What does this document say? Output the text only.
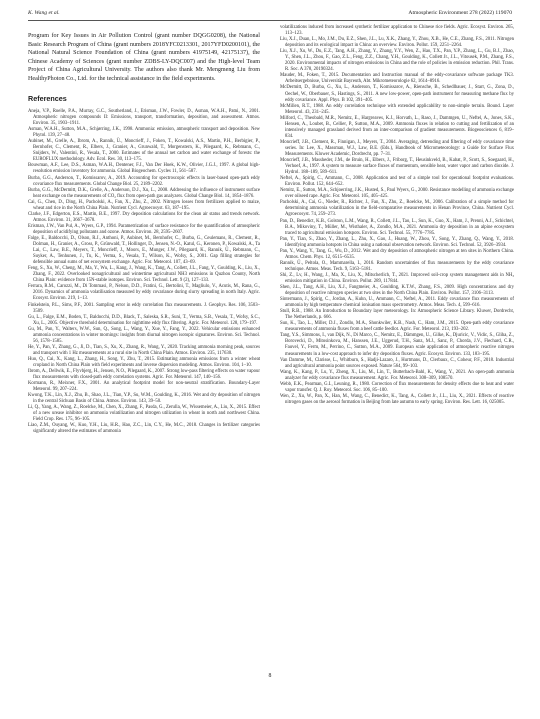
K. Wang et al.	Atmospheric Environment 278 (2022) 119070

Program for Key Issues in Air Pollution Control (grant number DQGG0208), the National Basic Research Program of China (grant numbers 2018YFC0213301, 2017YFD0200101), the National Natural Science Foundation of China (grant numbers 41975149, 42175137), the Chinese Academy of Sciences (grant number ZDBS-LY-DQC007) and the High-level Team Project of China Agricultural University. The authors also thank Mr. Mengmeng Liu from HealthyPhoton Co., Ltd. for the technical assistance in the field experiments.

References

Aneja, V.P., Roelle, P.A., Murray, G.C., Southerland, J., Erisman, J.W., Fowler, D., Asman, W.A.H., Patni, N., 2001. Atmospheric nitrogen compounds II: Emissions, transport, transformation, deposition, and assessment. Atmos. Environ. 35, 1903–1911.

Asman, W.A.H., Sutton, M.A., Schjørring, J.K., 1998. Ammonia: emission, atmospheric transport and deposition. New Phytol. 139, 27–48.

Aubinet, M., Grelle, A., Ibrom, A., Rannik, Ü., Moncrieff, J., Foken, T., Kowalski, A.S., Martin, P.H., Berbigier, P., Bernhofer, C., Clement, R., Elbers, J., Granier, A., Grunwald, T., Morgenstern, K., Pilegaard, K., Rebmann, C., Snijders, W., Valentini, R., Vesala, T., 2000. Estimates of the annual net carbon and water exchange of forests: the EUROFLUX methodology. Adv. Ecol. Res. 30, 113–175.

Bouwman, A.F., Lee, D.S., Asman, W.A.H., Dentener, F.J., Van Der Hoek, K.W., Olivier, J.G.J., 1997. A global high-resolution emission inventory for ammonia. Global Biogeochem. Cycles 11, 561–587.

Burba, G.G., Anderson, T., Komissarov, A., 2019. Accounting for spectroscopic effects in laser-based open-path eddy covariance flux measurements. Global Change Biol. 25, 2189–2202.

Burba, G.G., McDermitt, D.K., Grelle, A., Anderson, D.J., Xu, L., 2008. Addressing the influence of instrument surface heat exchange on the measurements of CO₂ flux from open-path gas analyzers. Global Change Biol. 14, 1854–1876.

Cai, G., Chen, D., Ding, H., Pacholski, A., Fan, X., Zhu, Z., 2002. Nitrogen losses from fertilizers applied to maize, wheat and rice in the North China Plain. Nutrient Cycl. Agroecosyst. 63, 187–195.

Clarke, J.F., Edgerton, E.S., Martin, B.E., 1997. Dry deposition calculations for the clean air status and trends network. Atmos. Environ. 31, 3667–3678.

Erisman, J.W., Van Pul, A., Wyers, G.P., 1994. Parametrization of surface resistance for the quantification of atmospheric deposition of acidifying pollutants and ozone. Atmos. Environ. 28, 2595–2607.

Falge, E., Baldocchi, D., Olson, R.J., Anthoni, P., Aubinet, M., Bernhofer, C., Burba, G., Ceulemans, R., Clement, R., Dolman, H., Granier, A., Gross, P., Grünwald, T., Hollinger, D., Jensen, N.-O., Katul, G., Keronen, P., Kowalski, A., Ta Lai, C., Law, B.E., Meyers, T., Moncrieff, J., Moors, E., Munger, J.W., Pilegaard, K., Rannik, Ü., Rebmann, C., Suyker, A., Tenhunen, J., Tu, K., Verma, S., Vesala, T., Wilson, K., Wofsy, S., 2001. Gap filling strategies for defensible annual sums of net ecosystem exchange. Agric. For. Meteorol. 107, 43–69.

Feng, S., Xu, W., Cheng, M., Ma, Y., Wu, L., Kang, J., Wang, K., Tang, A., Collett, J.L., Fang, Y., Goulding, K., Liu, X., Zhang, F., 2022. Overlooked nonagricultural and wintertime agricultural NH3 emissions in Quzhou County, North China Plain: evidence from 15N-stable isotopes. Environ. Sci. Technol. Lett. 9 (2), 127–133.

Ferrara, R.M., Carozzi, M., Di Tommasi, P., Nelson, D.D., Fratini, G., Bertolini, T., Magliulo, V., Acutis, M., Rana, G., 2016. Dynamics of ammonia volatilisation measured by eddy covariance during slurry spreading in north Italy. Agric. Ecosyst. Environ. 219, 1–13.

Finkelstein, P.L., Sims, P.F., 2001. Sampling error in eddy correlation flux measurements. J. Geophys. Res. 106, 3503–3509.

Gu, L., Falge, E.M., Boden, T., Baldocchi, D.D., Black, T., Saleska, S.R., Suni, T., Verma, S.B., Vesala, T., Wofsy, S.C., Xu, L., 2005. Objective threshold determination for nighttime eddy flux filtering. Agric. For. Meteorol. 128, 179–197.

Gu, M., Pan, Y., Walters, W.W., Sun, Q., Song, L., Wang, Y., Xue, Y., Fang, Y., 2022. Vehicular emissions enhanced ammonia concentrations in winter mornings: insights from diurnal nitrogen isotopic signatures. Environ. Sci. Technol. 56, 1578–1585.

He, Y., Pan, Y., Zhang, G., Ji, D., Tian, S., Xu, X., Zhang, R., Wang, Y., 2020. Tracking ammonia morning peak, sources and transport with 1 Hz measurements at a rural site in North China Plain. Atmos. Environ. 235, 117630.

Huo, Q., Cai, X., Kang, L., Zhang, H., Song, Y., Zhu, T., 2015. Estimating ammonia emissions from a winter wheat cropland in North China Plain with field experiments and inverse dispersion modeling. Atmos. Environ. 104, 1–10.

Ibrom, A., Dellwik, E., Flyvbjerg, H., Jensen, N.O., Pilegaard, K., 2007. Strong low-pass filtering effects on water vapour flux measurements with closed-path eddy correlation systems. Agric. For. Meteorol. 147, 140–156.

Kormann, R., Meixner, F.X., 2001. An analytical footprint model for non-neutral stratification. Boundary-Layer Meteorol. 99, 207–224.

Kwong, T.K., Lin, X.J., Zhu, B., Shao, J.L., Tian, Y.P., Su, W.M., Goulding, K., 2016. Wet and dry deposition of nitrogen in the central Sichuan Basin of China. Atmos. Environ. 143, 39–50.

Li, Q., Yang, A., Wang, Z., Roelcke, M., Chen, X., Zhang, F., Pasda, G., Zerulla, W., Wissemeier, A., Liu, X., 2015. Effect of a new urease inhibitor on ammonia volatilization and nitrogen utilization in wheat in north and northwest China. Field Crop. Res. 175, 96–105.

Liao, Z.M., Ouyang, W., Kuo, Y.H., Liu, H.R., Hao, Z.C., Lin, C.Y., He, M.C., 2018. Changes in fertilizer categories significantly altered the estimates of ammonia

volatilizations induced from increased synthetic fertilizer application to Chinese rice fields. Agric. Ecosyst. Environ. 265, 113–123.

Liu, X.J., Duan, L., Mo, J.M., Du, E.Z., Shen, J.L., Lu, X.K., Zhang, Y., Zhou, X.B., He, C.E., Zhang, F.S., 2011. Nitrogen deposition and its ecological impact in China: an overview. Environ. Pollut. 159, 2251–2264.

Liu, X.J., Xu, W., Du, E.Z., Tang, A.H., Zhang, Y., Zhang, Y.Y., Wen, Z., Hao, T.X., Pan, Y.P., Zhang, L., Gu, B.J., Zhao, Y., Shen, J.L., Zhou, F., Gao, Z.L., Feng, Z.Z., Chang, Y.H., Goulding, K., Collett Jr., J.L., Vitousek, P.M., Zhang, F.S., 2020. Environmental impacts of nitrogen emissions in China and the role of policies in emission reduction. Phil. Trans. R. Soc. A 378, 20190324.

Mauder, M., Foken, T., 2015. Documentation and Instruction manual of the eddy-covariance software package TK3. Arbeitsergebnisse, Universität Bayreuth, Abt. Mikrometeorologie 62, 1614–8916.

McDermitt, D., Burba, G., Xu, L., Anderson, T., Komissarov, A., Riensche, B., Schedlbauer, J., Starr, G., Zona, D., Oechel, W., Oberbauer, S., Hastings, S., 2011. A new low-power, open-path instrument for measuring methane flux by eddy covariance. Appl. Phys. B 102, 391–405.

McMillen, R.T., 1988. An eddy correlation technique with extended applicability to non-simple terrain. Bound. Layer Meteorol. 43, 231–245.

Milford, C., Theobald, M.R., Nemitz, E., Hargreaves, K.J., Horvath, L., Raso, J., Dammgen, U., Neftel, A., Jones, S.K., Hensen, A., Loubet, B., Cellier, P., Sutton, M.A., 2009. Ammonia fluxes in relation to cutting and fertilization of an intensively managed grassland derived from an inter-comparison of gradient measurements. Biogeosciences 6, 819–834.

Moncrieff, J.B., Clement, R., Finnigan, J., Meyers, T., 2004. Averaging, detrending and filtering of eddy covariance time series. In: Lee, X., Massman, W.J., Law, B.E. (Eds.), Handbook of Micrometeorology: a Guide for Surface Flux Measurements. Kluwer Academic, Dordrecht, pp. 7–31.

Moncrieff, J.B., Massheder, J.M., de Bruin, H., Elbers, J., Friborg, T., Heusinkveld, B., Kabat, P., Scott, S., Soegaard, H., Verhoef, A., 1997. A system to measure surface fluxes of momentum, sensible heat, water vapor and carbon dioxide. J. Hydrol. 188–189, 589–611.

Neftel, A., Spirig, C., Ammann, C., 2008. Application and test of a simple tool for operational footprint evaluations. Environ. Pollut. 152, 644–652.

Nemitz, E., Sutton, M.A., Schjoerring, J.K., Husted, S., Paul Wyers, G., 2000. Resistance modelling of ammonia exchange over oilseed rape. Agric. For. Meteorol. 105, 405–425.

Pacholski, A., Cai, G., Nieder, R., Richter, J., Fan, X., Zhu, Z., Roelcke, M., 2006. Calibration of a simple method for determining ammonia volatilization in the field-comparative measurements in Henan Province, China. Nutrient Cycl. Agroecosyst. 74, 259–273.

Pan, D., Benedict, K.B., Golston, L.M., Wang, R., Collett, J.L., Tao, L., Sun, K., Guo, X., Ham, J., Prenni, A.J., Schichtel, B.A., Mikoviny, T., Müller, M., Wisthaler, A., Zondlo, M.A., 2021. Ammonia dry deposition in an alpine ecosystem traced to agricultural emission hotspots. Environ. Sci. Technol. 55, 7776–7785.

Pan, Y., Tian, S., Zhao, Y., Zhang, L., Zhu, X., Gao, J., Huang, W., Zhou, Y., Song, Y., Zhang, Q., Wang, Y., 2018. Identifying ammonia hotspots in China using a national observation network. Environ. Sci. Technol. 52, 3926–3934.

Pan, Y., Wang, Y., Tang, G., Wu, D., 2012. Wet and dry deposition of atmospheric nitrogen at ten sites in Northern China. Atmos. Chem. Phys. 12, 6515–6535.

Rannik, Ü., Peltola, O., Mammarella, I., 2016. Random uncertainties of flux measurements by the eddy covariance technique. Atmos. Meas. Tech. 9, 5163–5181.

Shi, Z., Lv, H., Wang, J., Ma, X., Liu, X., Mitscherlich, T., 2021. Improved soil-crop system management aids in NH₃ emission mitigation in China. Environ. Pollut. 289, 117844.

Shen, J.L., Tang, A.H., Liu, X.J., Fangmeier, A., Goulding, K.T.W., Zhang, F.S., 2009. High concentrations and dry deposition of reactive nitrogen species at two sites in the North China Plain. Environ. Pollut. 157, 3106–3113.

Sintermann, J., Spirig, C., Jordan, A., Kuhn, U., Ammann, C., Neftel, A., 2011. Eddy covariance flux measurements of ammonia by high temperature chemical ionisation mass spectrometry. Atmos. Meas. Tech. 4, 599–616.

Stull, R.B., 1988. An Introduction to Boundary layer meteorology. In: Atmospheric Science Library. Kluwer, Dordrecht, The Netherlands, p. 666.

Sun, K., Tao, L., Miller, D.J., Zondlo, M.A., Shonkwiler, K.B., Nash, C., Ham, J.M., 2015. Open-path eddy covariance measurements of ammonia fluxes from a beef cattle feedlot. Agric. For. Meteorol. 213, 193–202.

Tang, Y.S., Simmons, I., van Dijk, N., Di Marco, C., Nemitz, E., Dämmgen, U., Gilke, K., Djuricic, V., Vidic, S., Gliha, Z., Borovecki, D., Mitosinkova, M., Hanssen, J.E., Uggerud, T.H., Sanz, M.J., Sanz, P., Chorda, J.V., Flechard, C.R., Fauvel, Y., Ferm, M., Perrino, C., Sutton, M.A., 2009. European scale application of atmospheric reactive nitrogen measurements in a low-cost approach to infer dry deposition fluxes. Agric. Ecosyst. Environ. 133, 183–195.

Van Damme, M., Clarisse, L., Whitburn, S., Hadji-Lazaro, J., Hurtmans, D., Clerbaux, C., Coheur, P.F., 2018. Industrial and agricultural ammonia point sources exposed. Nature 564, 99–103.

Wang, K., Kang, P., Lu, Y., Zheng, X., Liu, M., Lin, T., Butterbach-Bahl, K., Wang, Y., 2021. An open-path ammonia analyzer for eddy covariance flux measurement. Agric. For. Meteorol. 308–309, 108570.

Webb, E.K., Pearman, G.I., Leuning, R., 1980. Correction of flux measurements for density effects due to heat and water vapor transfer. Q. J. Roy. Meteorol. Soc. 106, 85–100.

Wen, Z., Xu, W., Pan, X., Han, M., Wang, C., Benedict, K., Tang, A., Collett Jr., J.L., Liu, X., 2021. Effects of reactive nitrogen gases on the aerosol formation in Beijing from late autumn to early spring. Environ. Res. Lett. 16, 025005.

8
